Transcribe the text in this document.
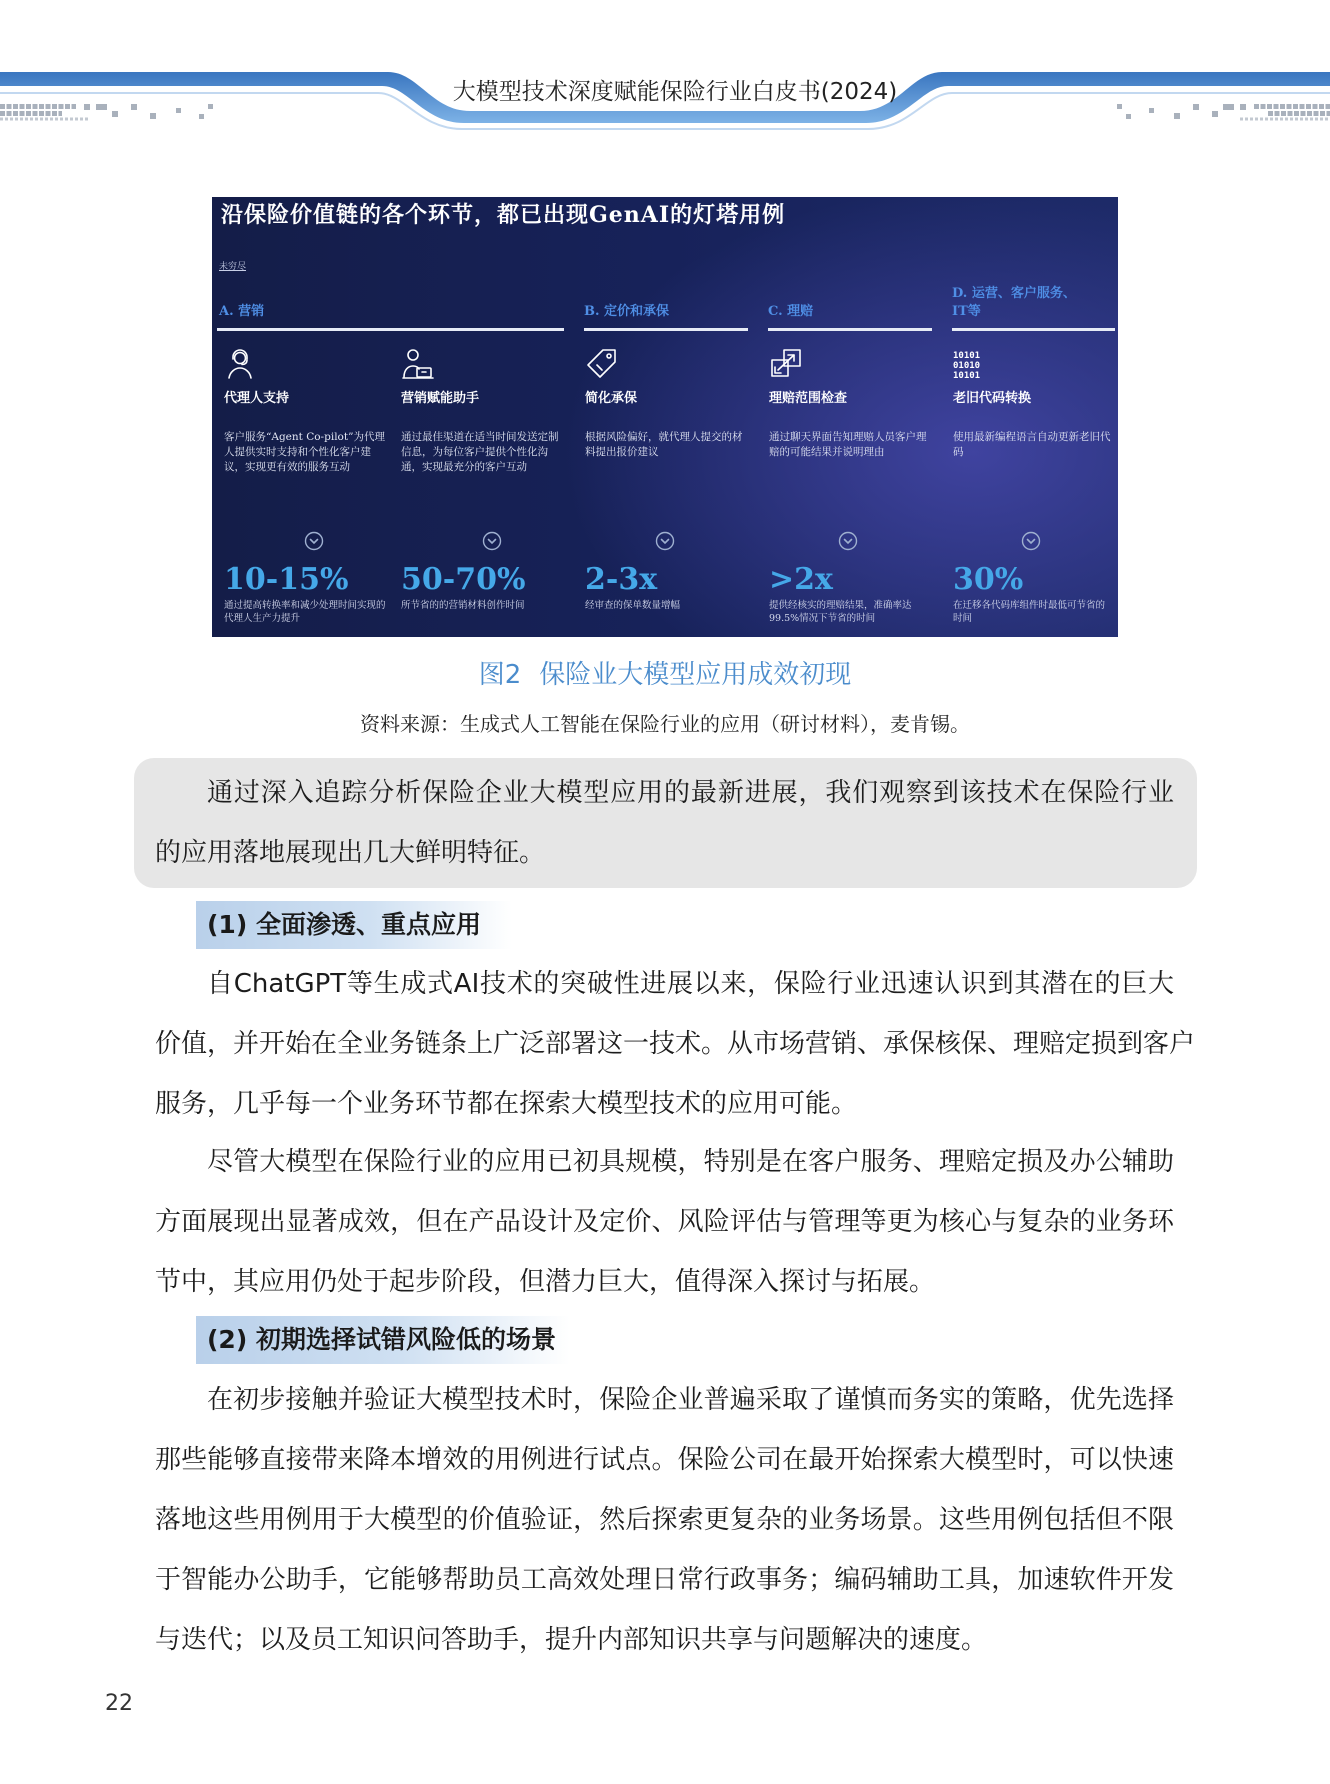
大模型技术深度赋能保险行业白皮书(2024)
沿保险价值链的各个环节，都已出现GenAI的灯塔用例
未穷尽
A. 营销	B. 定价和承保	C. 理赔
D. 运营、客户服务、
IT等
代理人支持
客户服务“Agent Co-pilot”为代理人提供实时支持和个性化客户建议，实现更有效的服务互动
10-15%
通过提高转换率和减少处理时间实现的代理人生产力提升
营销赋能助手
通过最佳渠道在适当时间发送定制信息，为每位客户提供个性化沟通，实现最充分的客户互动
50-70%
所节省的的营销材料创作时间
简化承保
根据风险偏好，就代理人提交的材料提出报价建议
2-3x
经审查的保单数量增幅
理赔范围检查
通过聊天界面告知理赔人员客户理赔的可能结果并说明理由
>2x
提供经核实的理赔结果，准确率达99.5%情况下节省的时间
10101
01010
10101
老旧代码转换
使用最新编程语言自动更新老旧代码
30%
在迁移各代码库组件时最低可节省的时间
图2 保险业大模型应用成效初现
资料来源：生成式人工智能在保险行业的应用（研讨材料），麦肯锡。
通过深入追踪分析保险企业大模型应用的最新进展，我们观察到该技术在保险行业
的应用落地展现出几大鲜明特征。
(1) 全面渗透、重点应用
自ChatGPT等生成式AI技术的突破性进展以来，保险行业迅速认识到其潜在的巨大
价值，并开始在全业务链条上广泛部署这一技术。从市场营销、承保核保、理赔定损到客户
服务，几乎每一个业务环节都在探索大模型技术的应用可能。
尽管大模型在保险行业的应用已初具规模，特别是在客户服务、理赔定损及办公辅助
方面展现出显著成效，但在产品设计及定价、风险评估与管理等更为核心与复杂的业务环
节中，其应用仍处于起步阶段，但潜力巨大，值得深入探讨与拓展。
(2) 初期选择试错风险低的场景
在初步接触并验证大模型技术时，保险企业普遍采取了谨慎而务实的策略，优先选择
那些能够直接带来降本增效的用例进行试点。保险公司在最开始探索大模型时，可以快速
落地这些用例用于大模型的价值验证，然后探索更复杂的业务场景。这些用例包括但不限
于智能办公助手，它能够帮助员工高效处理日常行政事务；编码辅助工具，加速软件开发
与迭代；以及员工知识问答助手，提升内部知识共享与问题解决的速度。
22
